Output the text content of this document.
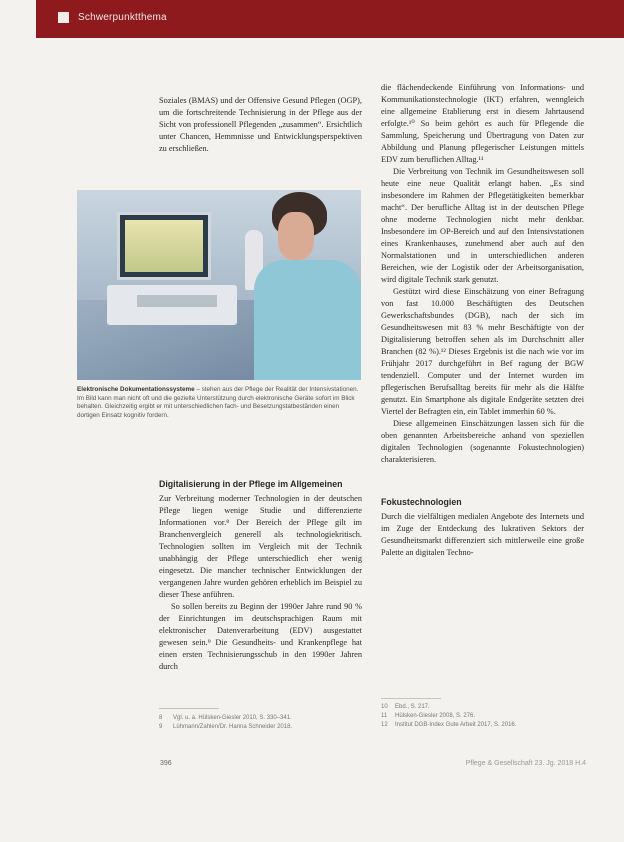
Schwerpunktthema

Soziales (BMAS) und der Offensive Gesund Pflegen (OGP), um die fortschreitende Technisierung in der Pflege aus der Sicht von professionell Pflegenden „zusammen“. Ersichtlich unter Chancen, Hemmnisse und Entwicklungsperspektiven zu erschließen.

die flächendeckende Einführung von Informations- und Kommunikationstechnologie (IKT) erfahren, wenngleich eine allgemeine Etablierung erst in diesem Jahrtausend erfolgte.¹⁰ So beim gehört es auch für Pflegende die Sammlung, Speicherung und Übertragung von Daten zur Abbildung und Planung pflegerischer Leistungen mittels EDV zum beruflichen Alltag.¹¹

Die Verbreitung von Technik im Gesundheitswesen soll heute eine neue Qualität erlangt haben. „Es sind insbesondere im Rahmen der Pflegetätigkeiten bemerkbar macht“. Der berufliche Alltag ist in der deutschen Pflege ohne moderne Technologien nicht mehr denkbar. Insbesondere im OP-Bereich und auf den Intensivstationen eines Krankenhauses, zunehmend aber auch auf den Normalstationen und in unterschiedlichen anderen Bereichen, wie der Logistik oder der Arbeitsorganisation, wird digitale Technik stark genutzt.

Gestützt wird diese Einschätzung von einer Befragung von fast 10.000 Beschäftigten des Deutschen Gewerkschaftsbundes (DGB), nach der sich im Gesundheitswesen mit 83 % mehr Beschäftigte von der Digitalisierung betroffen sehen als im Durchschnitt aller Branchen (82 %).¹² Dieses Ergebnis ist die nach wie vor im Frühjahr 2017 durchgeführt in Bef ragung der BGW tendenziell. Computer und der Internet wurden im pflegerischen Berufsalltag bereits für mehr als die Hälfte genutzt. Ein Smartphone als digitale Endgeräte setzten drei Viertel der Befragten ein, ein Tablet immerhin 60 %.

Diese allgemeinen Einschätzungen lassen sich für die oben genannten Arbeitsbereiche anhand von speziellen digitalen Technologien (sogenannte Fokustechnologien) charakterisieren.

Fokustechnologien

Durch die vielfältigen medialen Angebote des Internets und im Zuge der Entdeckung des lukrativen Sektors der Gesundheitsmarkt differenziert sich mittlerweile eine große Palette an digitalen Techno-

Elektronische Dokumentationssysteme – stehen aus der Pflege der Realität der Intensivstationen. Im Bild kann man nicht oft und die gezielte Unterstützung durch elektronische Geräte sofort im Blick behalten. Gleichzeitig ergibt er mit unterschiedlichen fach- und Besetzungstatbeständen einen dortigen Einsatz kognitiv fordern.
Digitalisierung in der Pflege im Allgemeinen

Zur Verbreitung moderner Technologien in der deutschen Pflege liegen wenige Studie und differenzierte Informationen vor.⁸ Der Bereich der Pflege gilt im Branchenvergleich generell als technologiekritisch. Technologien sollten im Vergleich mit der Technik unabhängig der Pflege unterschiedlich eher wenig eingesetzt. Die mancher technischer Entwicklungen der vergangenen Jahre wurden gehören erheblich im Beispiel zu dieser These anführen.

So sollen bereits zu Beginn der 1990er Jahre rund 90 % der Einrichtungen im deutschsprachigen Raum mit elektronischer Datenverarbeitung (EDV) ausgestattet gewesen sein.⁹ Die Gesundheits- und Krankenpflege hat einen ersten Technisierungsschub in den 1990er Jahren durch

8 Vgl. u. a. Hülsken-Giesler 2010, S. 330–341.
9 Lühmann/Zahlen/Dr. Hanna Schneider 2018.
10 Ebd., S. 217.
11 Hülsken-Giesler 2008, S. 276.
12 Institut DGB-Index Gute Arbeit 2017, S. 2016.
396	Pflege & Gesellschaft 23. Jg. 2018 H.4
